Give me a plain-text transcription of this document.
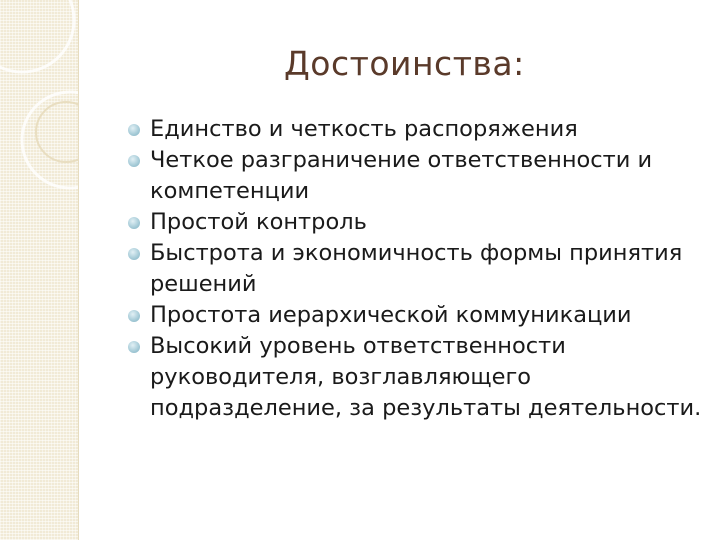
Достоинства:
Единство и четкость распоряжения
Четкое разграничение ответственности и компетенции
Простой контроль
Быстрота и экономичность формы принятия решений
Простота иерархической коммуникации
Высокий уровень ответственности руководителя, возглавляющего подразделение, за результаты деятельности.
